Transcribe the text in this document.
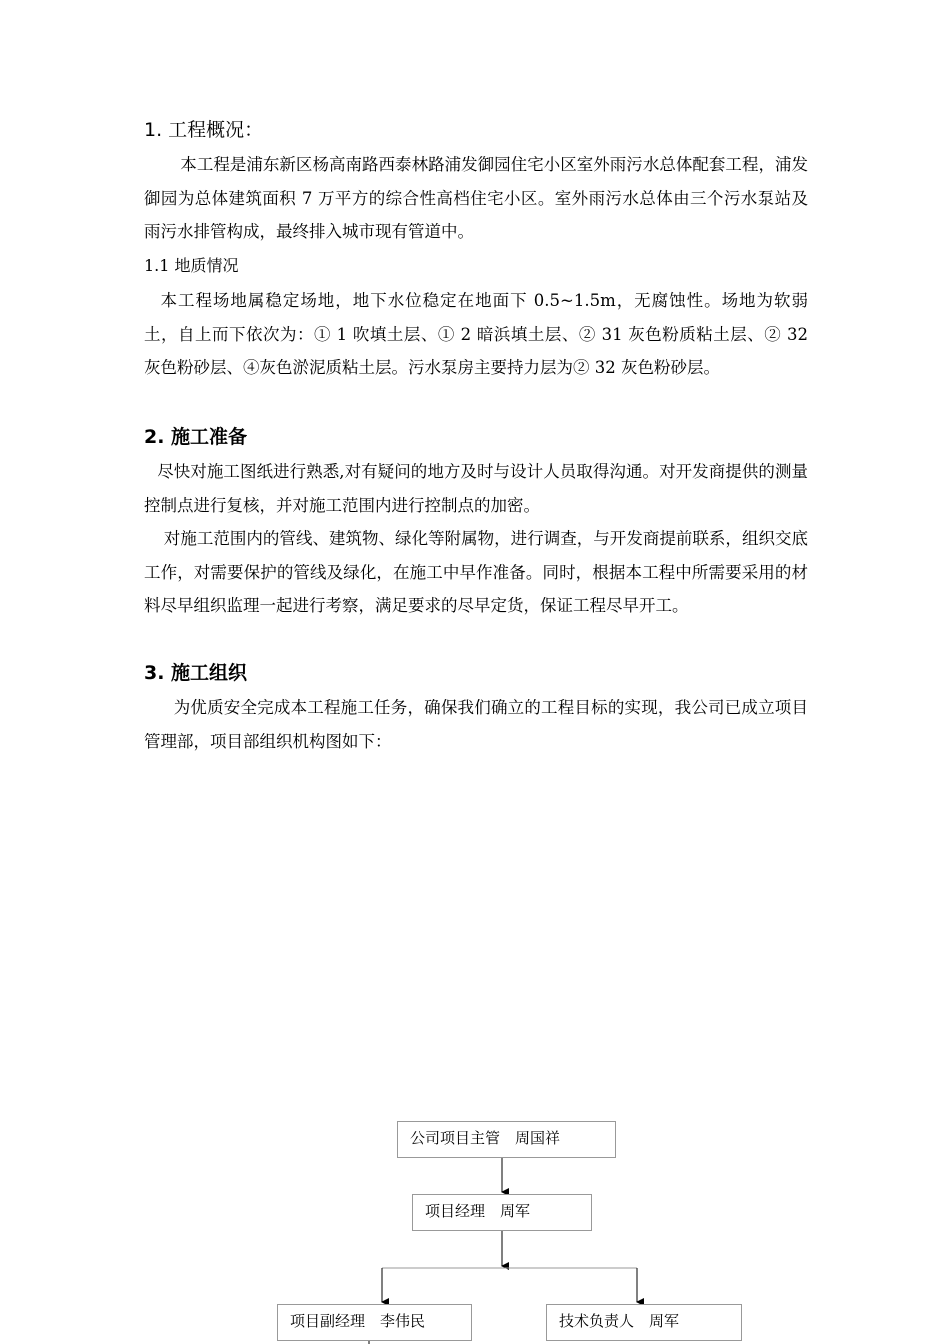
1. 工程概况：

本工程是浦东新区杨高南路西泰林路浦发御园住宅小区室外雨污水总体配套工程，浦发御园为总体建筑面积 7 万平方的综合性高档住宅小区。室外雨污水总体由三个污水泵站及雨污水排管构成，最终排入城市现有管道中。

1.1 地质情况

本工程场地属稳定场地，地下水位稳定在地面下 0.5~1.5m，无腐蚀性。场地为软弱土，自上而下依次为：① 1 吹填土层、① 2 暗浜填土层、② 31 灰色粉质粘土层、② 32 灰色粉砂层、④灰色淤泥质粘土层。污水泵房主要持力层为② 32 灰色粉砂层。

2. 施工准备

尽快对施工图纸进行熟悉,对有疑问的地方及时与设计人员取得沟通。对开发商提供的测量控制点进行复核，并对施工范围内进行控制点的加密。

对施工范围内的管线、建筑物、绿化等附属物，进行调查，与开发商提前联系，组织交底工作，对需要保护的管线及绿化，在施工中早作准备。同时，根据本工程中所需要采用的材料尽早组织监理一起进行考察，满足要求的尽早定货，保证工程尽早开工。

3. 施工组织

为优质安全完成本工程施工任务，确保我们确立的工程目标的实现，我公司已成立项目管理部，项目部组织机构图如下：

公司项目主管　周国祥
项目经理　周军
项目副经理　李伟民	技术负责人　周军
